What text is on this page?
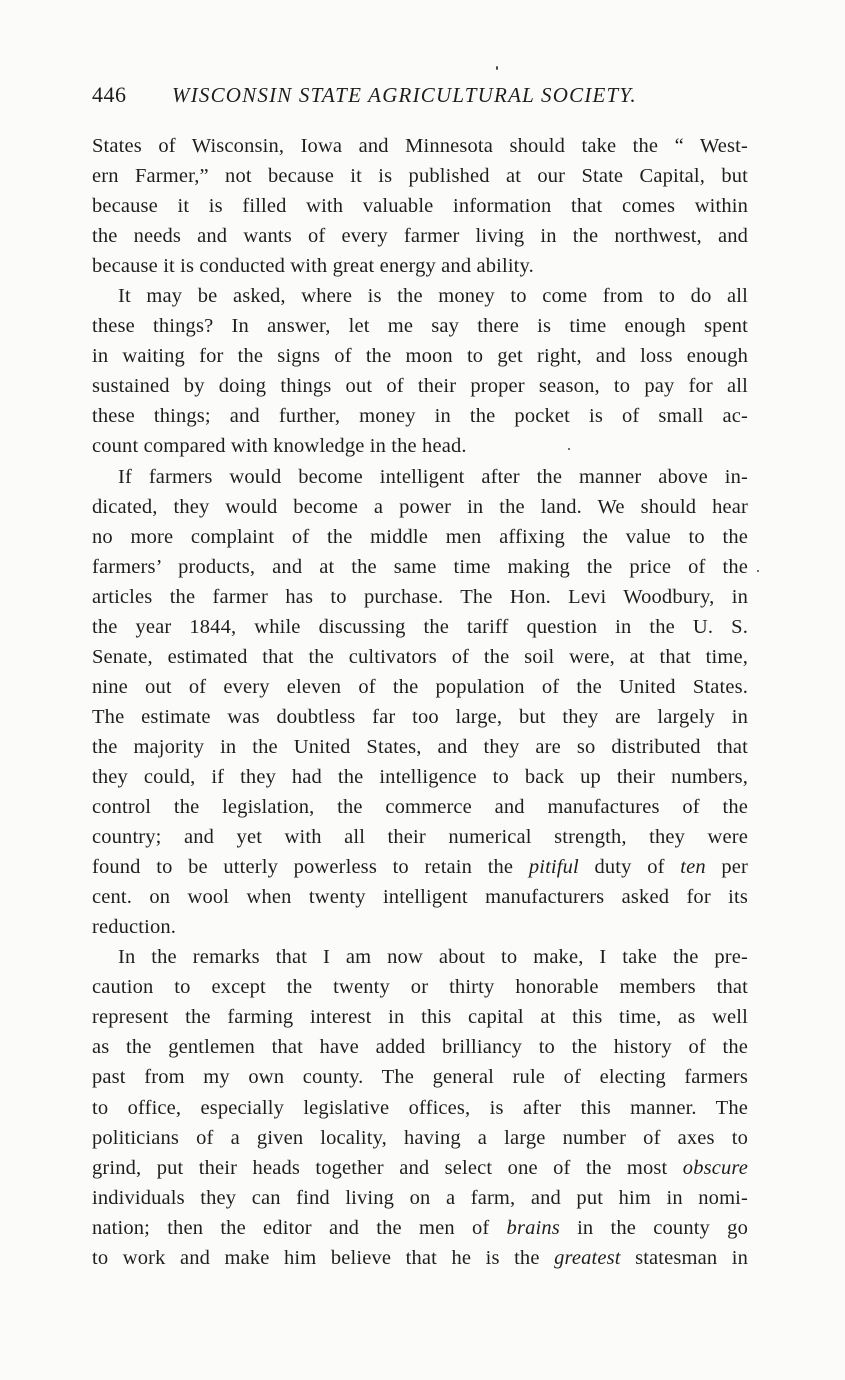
446 WISCONSIN STATE AGRICULTURAL SOCIETY.
States of Wisconsin, Iowa and Minnesota should take the “ West-
ern Farmer,” not because it is published at our State Capital, but
because it is filled with valuable information that comes within
the needs and wants of every farmer living in the northwest, and
because it is conducted with great energy and ability.
It may be asked, where is the money to come from to do all
these things? In answer, let me say there is time enough spent
in waiting for the signs of the moon to get right, and loss enough
sustained by doing things out of their proper season, to pay for all
these things; and further, money in the pocket is of small ac-
count compared with knowledge in the head.
If farmers would become intelligent after the manner above in-
dicated, they would become a power in the land. We should hear
no more complaint of the middle men affixing the value to the
farmers’ products, and at the same time making the price of the
articles the farmer has to purchase. The Hon. Levi Woodbury, in
the year 1844, while discussing the tariff question in the U. S.
Senate, estimated that the cultivators of the soil were, at that time,
nine out of every eleven of the population of the United States.
The estimate was doubtless far too large, but they are largely in
the majority in the United States, and they are so distributed that
they could, if they had the intelligence to back up their numbers,
control the legislation, the commerce and manufactures of the
country; and yet with all their numerical strength, they were
found to be utterly powerless to retain the pitiful duty of ten per
cent. on wool when twenty intelligent manufacturers asked for its
reduction.
In the remarks that I am now about to make, I take the pre-
caution to except the twenty or thirty honorable members that
represent the farming interest in this capital at this time, as well
as the gentlemen that have added brilliancy to the history of the
past from my own county. The general rule of electing farmers
to office, especially legislative offices, is after this manner. The
politicians of a given locality, having a large number of axes to
grind, put their heads together and select one of the most obscure
individuals they can find living on a farm, and put him in nomi-
nation; then the editor and the men of brains in the county go
to work and make him believe that he is the greatest statesman in
